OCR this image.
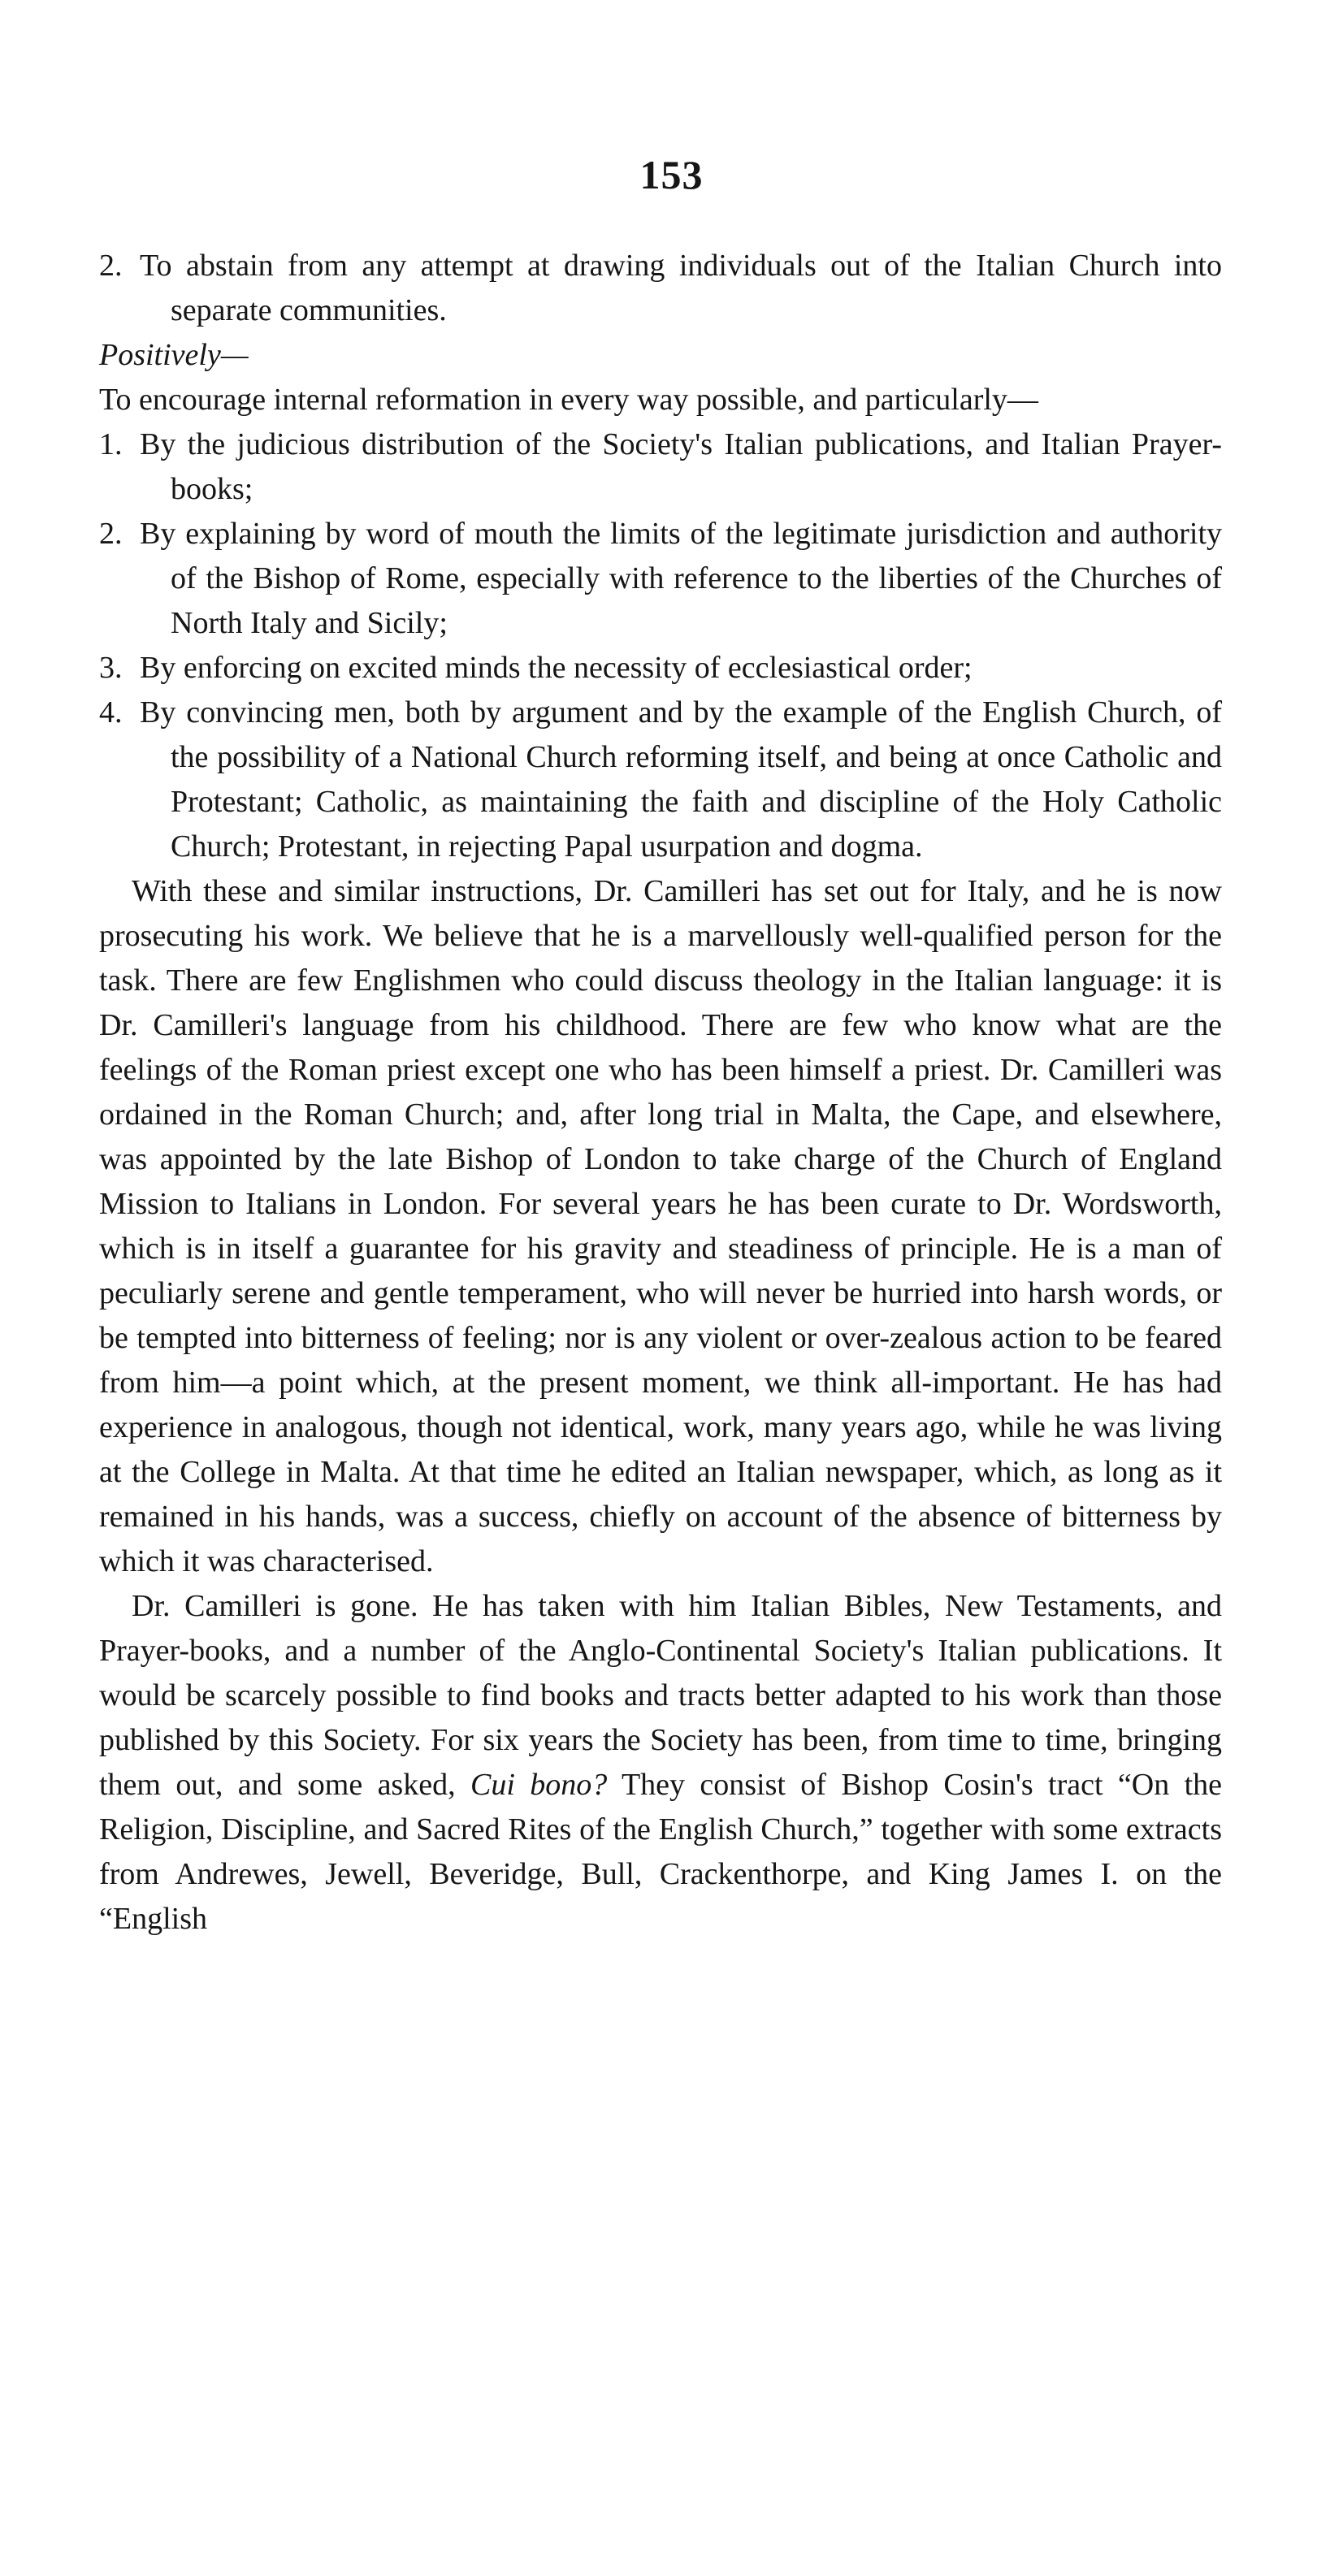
153

2. To abstain from any attempt at drawing individuals out of the Italian Church into separate communities.

Positively—

To encourage internal reformation in every way possible, and particularly—

1. By the judicious distribution of the Society's Italian publications, and Italian Prayer-books;

2. By explaining by word of mouth the limits of the legitimate jurisdiction and authority of the Bishop of Rome, especially with reference to the liberties of the Churches of North Italy and Sicily;

3. By enforcing on excited minds the necessity of ecclesiastical order;

4. By convincing men, both by argument and by the example of the English Church, of the possibility of a National Church reforming itself, and being at once Catholic and Protestant; Catholic, as maintaining the faith and discipline of the Holy Catholic Church; Protestant, in rejecting Papal usurpation and dogma.

With these and similar instructions, Dr. Camilleri has set out for Italy, and he is now prosecuting his work. We believe that he is a marvellously well-qualified person for the task. There are few Englishmen who could discuss theology in the Italian language: it is Dr. Camilleri's language from his childhood. There are few who know what are the feelings of the Roman priest except one who has been himself a priest. Dr. Camilleri was ordained in the Roman Church; and, after long trial in Malta, the Cape, and elsewhere, was appointed by the late Bishop of London to take charge of the Church of England Mission to Italians in London. For several years he has been curate to Dr. Wordsworth, which is in itself a guarantee for his gravity and steadiness of principle. He is a man of peculiarly serene and gentle temperament, who will never be hurried into harsh words, or be tempted into bitterness of feeling; nor is any violent or over-zealous action to be feared from him—a point which, at the present moment, we think all-important. He has had experience in analogous, though not identical, work, many years ago, while he was living at the College in Malta. At that time he edited an Italian newspaper, which, as long as it remained in his hands, was a success, chiefly on account of the absence of bitterness by which it was characterised.

Dr. Camilleri is gone. He has taken with him Italian Bibles, New Testaments, and Prayer-books, and a number of the Anglo-Continental Society's Italian publications. It would be scarcely possible to find books and tracts better adapted to his work than those published by this Society. For six years the Society has been, from time to time, bringing them out, and some asked, Cui bono? They consist of Bishop Cosin's tract “On the Religion, Discipline, and Sacred Rites of the English Church,” together with some extracts from Andrewes, Jewell, Beveridge, Bull, Crackenthorpe, and King James I. on the “English
